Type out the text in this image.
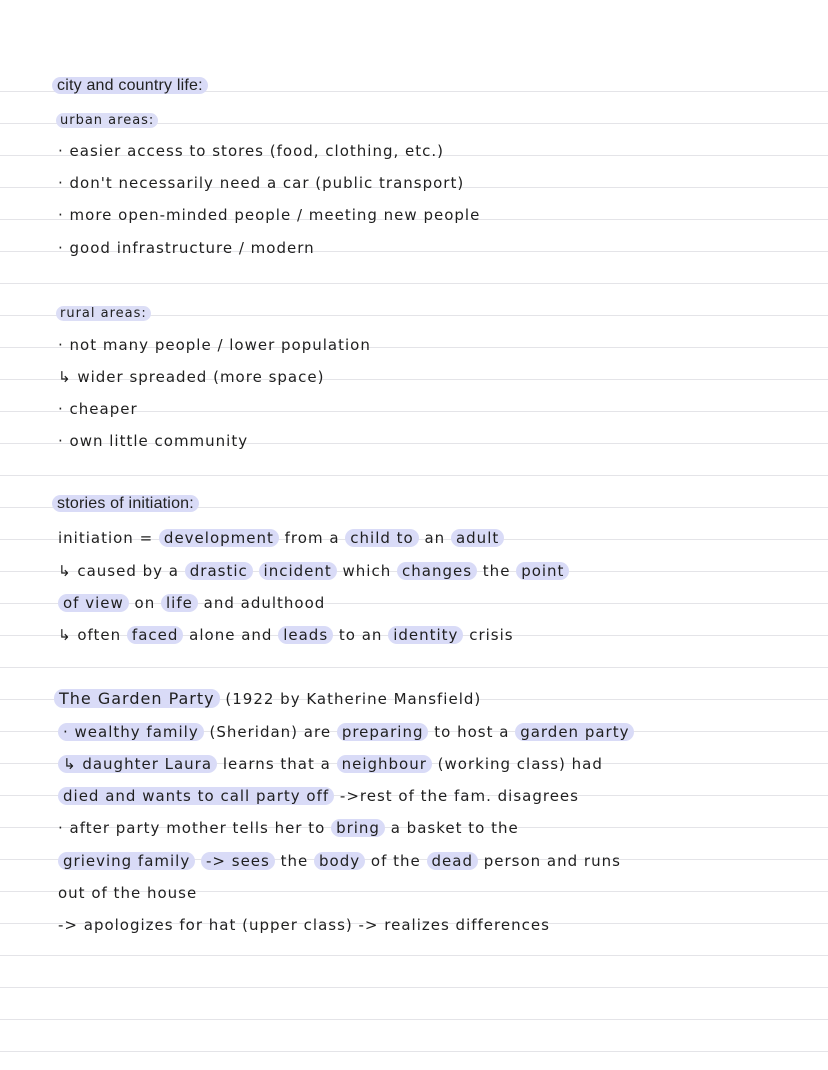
city and country life:
urban areas:
· easier access to stores (food, clothing, etc.)
· don't necessarily need a car (public transport)
· more open-minded people / meeting new people
· good infrastructure / modern
rural areas:
· not many people / lower population
↳ wider spreaded (more space)
· cheaper
· own little community
stories of initiation:
initiation = development from a child to an adult
↳ caused by a drastic incident which changes the point
of view on life and adulthood
↳ often faced alone and leads to an identity crisis
The Garden Party (1922 by Katherine Mansfield)
· wealthy family (Sheridan) are preparing to host a garden party
↳ daughter Laura learns that a neighbour (working class) had
died and wants to call party off ->rest of the fam. disagrees
· after party mother tells her to bring a basket to the
grieving family -> sees the body of the dead person and runs
out of the house
-> apologizes for hat (upper class) -> realizes differences
